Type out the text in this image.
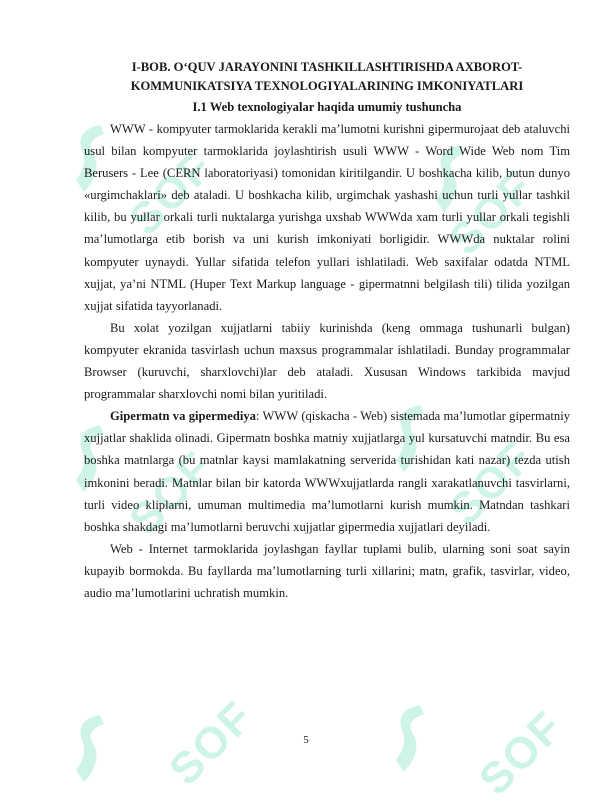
SOF
SOF
SOF
SOF
SOF	SOF
I-BOB. O‘QUV JARAYONINI TASHKILLASHTIRISHDA AXBOROT-
KOMMUNIKATSIYA TEXNOLOGIYALARINING IMKONIYATLARI
I.1 Web texnologiyalar haqida umumiy tushuncha

WWW - kompyuter tarmoklarida kerakli ma’lumotni kurishni gipermurojaat deb ataluvchi usul bilan kompyuter tarmoklarida joylashtirish usuli WWW - Word Wide Web nom Tim Berusers - Lee (CERN laboratoriyasi) tomonidan kiritilgandir. U boshkacha kilib, butun dunyo «urgimchaklari» deb ataladi. U boshkacha kilib, urgimchak yashashi uchun turli yullar tashkil kilib, bu yullar orkali turli nuktalarga yurishga uxshab WWWda xam turli yullar orkali tegishli ma’lumotlarga etib borish va uni kurish imkoniyati borligidir. WWWda nuktalar rolini kompyuter uynaydi. Yullar sifatida telefon yullari ishlatiladi. Web saxifalar odatda NTML xujjat, ya’ni NTML (Huper Text Markup language - gipermatnni belgilash tili) tilida yozilgan xujjat sifatida tayyorlanadi.

Bu xolat yozilgan xujjatlarni tabiiy kurinishda (keng ommaga tushunarli bulgan) kompyuter ekranida tasvirlash uchun maxsus programmalar ishlatiladi. Bunday programmalar Browser (kuruvchi, sharxlovchi)lar deb ataladi. Xususan Windows tarkibida mavjud programmalar sharxlovchi nomi bilan yuritiladi.

Gipermatn va gipermediya: WWW (qiskacha - Web) sistemada ma’lumotlar gipermatniy xujjatlar shaklida olinadi. Gipermatn boshka matniy xujjatlarga yul kursatuvchi matndir. Bu esa boshka matnlarga (bu matnlar kaysi mamlakatning serverida turishidan kati nazar) tezda utish imkonini beradi. Matnlar bilan bir katorda WWWxujjatlarda rangli xarakatlanuvchi tasvirlarni, turli video kliplarni, umuman multimedia ma’lumotlarni kurish mumkin. Matndan tashkari boshka shakdagi ma’lumotlarni beruvchi xujjatlar gipermedia xujjatlari deyiladi.

Web - Internet tarmoklarida joylashgan fayllar tuplami bulib, ularning soni soat sayin kupayib bormokda. Bu fayllarda ma’lumotlarning turli xillarini; matn, grafik, tasvirlar, video, audio ma’lumotlarini uchratish mumkin.

5
